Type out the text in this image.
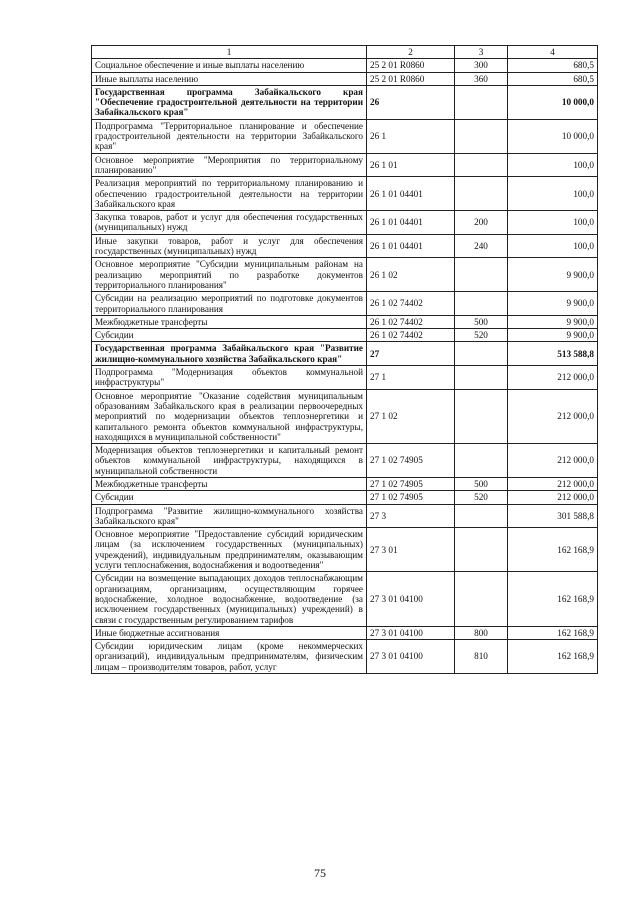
1	2	3	4
Социальное обеспечение и иные выплаты населению	25 2 01 R0860	300	680,5
Иные выплаты населению	25 2 01 R0860	360	680,5
Государственная программа Забайкальского края "Обеспечение градостроительной деятельности на территории Забайкальского края"	26		10 000,0
Подпрограмма "Территориальное планирование и обеспечение градостроительной деятельности на территории Забайкальского края"	26 1		10 000,0
Основное мероприятие "Мероприятия по территориальному планированию"	26 1 01		100,0
Реализация мероприятий по территориальному планированию и обеспечению градостроительной деятельности на территории Забайкальского края	26 1 01 04401		100,0
Закупка товаров, работ и услуг для обеспечения государственных (муниципальных) нужд	26 1 01 04401	200	100,0
Иные закупки товаров, работ и услуг для обеспечения государственных (муниципальных) нужд	26 1 01 04401	240	100,0
Основное мероприятие "Субсидии муниципальным районам на реализацию мероприятий по разработке документов территориального планирования"	26 1 02		9 900,0
Субсидии на реализацию мероприятий по подготовке документов территориального планирования	26 1 02 74402		9 900,0
Межбюджетные трансферты	26 1 02 74402	500	9 900,0
Субсидии	26 1 02 74402	520	9 900,0
Государственная программа Забайкальского края "Развитие жилищно-коммунального хозяйства Забайкальского края"	27		513 588,8
Подпрограмма "Модернизация объектов коммунальной инфраструктуры"	27 1		212 000,0
Основное мероприятие "Оказание содействия муниципальным образованиям Забайкальского края в реализации первоочередных мероприятий по модернизации объектов теплоэнергетики и капитального ремонта объектов коммунальной инфраструктуры, находящихся в муниципальной собственности"	27 1 02		212 000,0
Модернизация объектов теплоэнергетики и капитальный ремонт объектов коммунальной инфраструктуры, находящихся в муниципальной собственности	27 1 02 74905		212 000,0
Межбюджетные трансферты	27 1 02 74905	500	212 000,0
Субсидии	27 1 02 74905	520	212 000,0
Подпрограмма "Развитие жилищно-коммунального хозяйства Забайкальского края"	27 3		301 588,8
Основное мероприятие "Предоставление субсидий юридическим лицам (за исключением государственных (муниципальных) учреждений), индивидуальным предпринимателям, оказывающим услуги теплоснабжения, водоснабжения и водоотведения"	27 3 01		162 168,9
Субсидии на возмещение выпадающих доходов теплоснабжающим организациям, организациям, осуществляющим горячее водоснабжение, холодное водоснабжение, водоотведение (за исключением государственных (муниципальных) учреждений) в связи с государственным регулированием тарифов	27 3 01 04100		162 168,9
Иные бюджетные ассигнования	27 3 01 04100	800	162 168,9
Субсидии юридическим лицам (кроме некоммерческих организаций), индивидуальным предпринимателям, физическим лицам – производителям товаров, работ, услуг	27 3 01 04100	810	162 168,9
75
